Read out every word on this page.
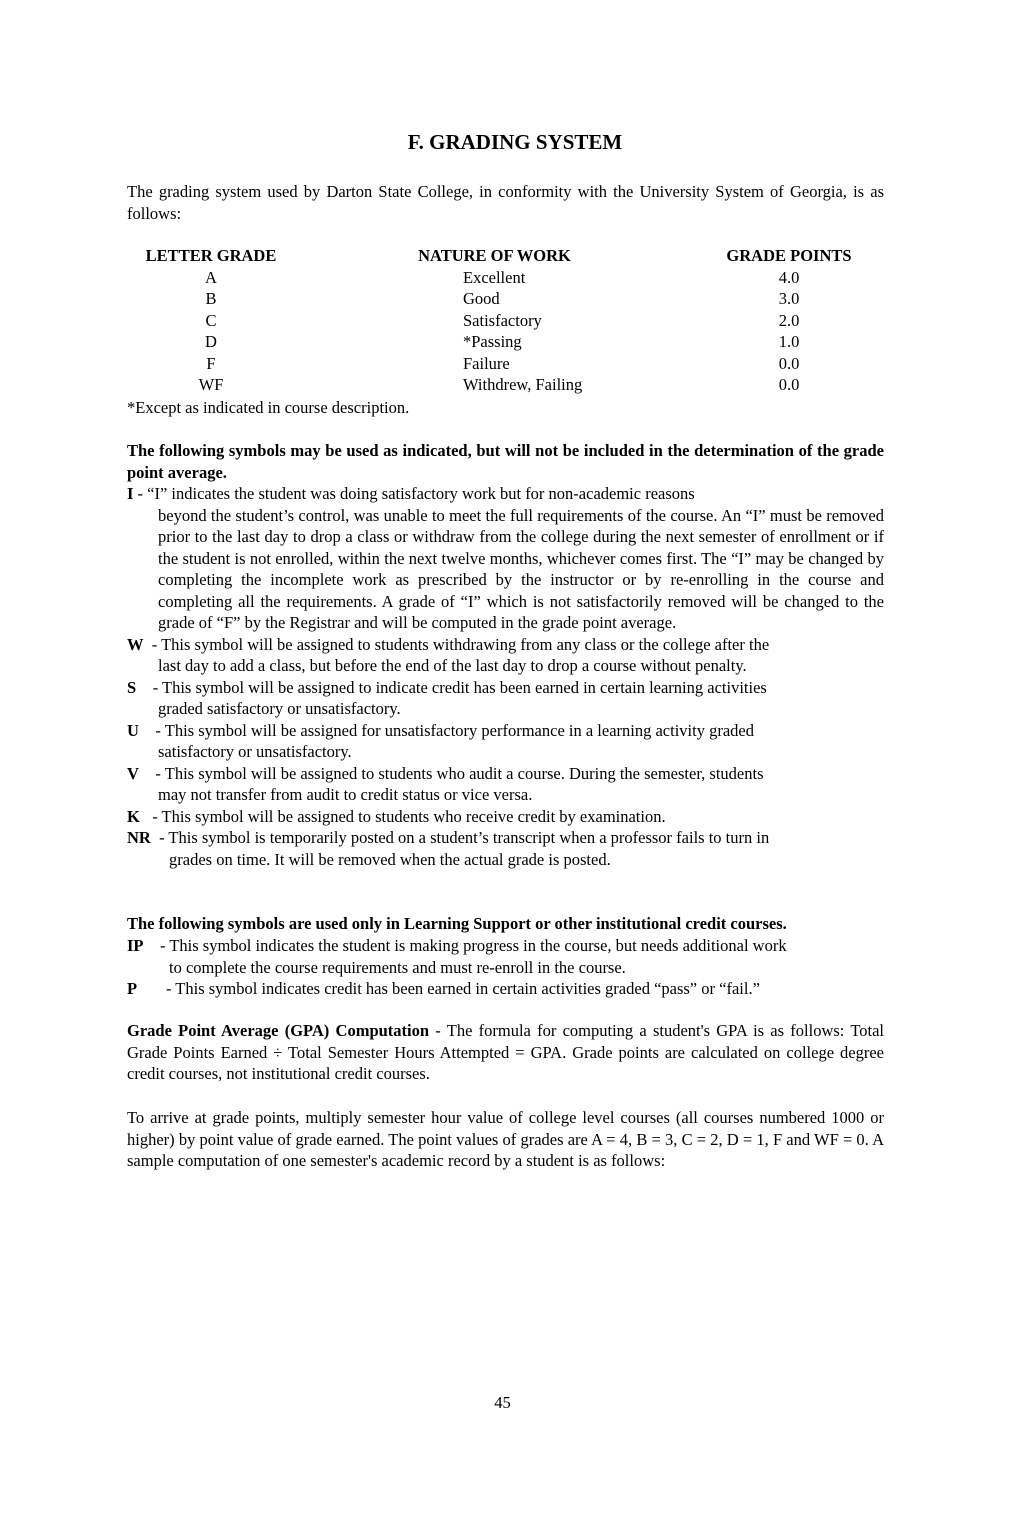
F. GRADING SYSTEM
The grading system used by Darton State College, in conformity with the University System of Georgia, is as follows:
LETTER GRADE	NATURE OF WORK	GRADE POINTS
A	Excellent	4.0
B	Good	3.0
C	Satisfactory	2.0
D	*Passing	1.0
F	Failure	0.0
WF	Withdrew, Failing	0.0
*Except as indicated in course description.
The following symbols may be used as indicated, but will not be included in the determination of the grade point average.
I - “I” indicates the student was doing satisfactory work but for non-academic reasons
beyond the student’s control, was unable to meet the full requirements of the course. An “I” must be removed prior to the last day to drop a class or withdraw from the college during the next semester of enrollment or if the student is not enrolled, within the next twelve months, whichever comes first. The “I” may be changed by completing the incomplete work as prescribed by the instructor or by re-enrolling in the course and completing all the requirements. A grade of “I” which is not satisfactorily removed will be changed to the grade of “F” by the Registrar and will be computed in the grade point average.
W  - This symbol will be assigned to students withdrawing from any class or the college after the
last day to add a class, but before the end of the last day to drop a course without penalty.
S    - This symbol will be assigned to indicate credit has been earned in certain learning activities
graded satisfactory or unsatisfactory.
U    - This symbol will be assigned for unsatisfactory performance in a learning activity graded
satisfactory or unsatisfactory.
V    - This symbol will be assigned to students who audit a course. During the semester, students
may not transfer from audit to credit status or vice versa.
K   - This symbol will be assigned to students who receive credit by examination.
NR  - This symbol is temporarily posted on a student’s transcript when a professor fails to turn in
grades on time. It will be removed when the actual grade is posted.
The following symbols are used only in Learning Support or other institutional credit courses.
IP    - This symbol indicates the student is making progress in the course, but needs additional work
to complete the course requirements and must re-enroll in the course.
P       - This symbol indicates credit has been earned in certain activities graded “pass” or “fail.”
Grade Point Average (GPA) Computation - The formula for computing a student's GPA is as follows: Total Grade Points Earned ÷ Total Semester Hours Attempted = GPA. Grade points are calculated on college degree credit courses, not institutional credit courses.
To arrive at grade points, multiply semester hour value of college level courses (all courses numbered 1000 or higher) by point value of grade earned. The point values of grades are A = 4, B = 3, C = 2, D = 1, F and WF = 0. A sample computation of one semester's academic record by a student is as follows:
45
